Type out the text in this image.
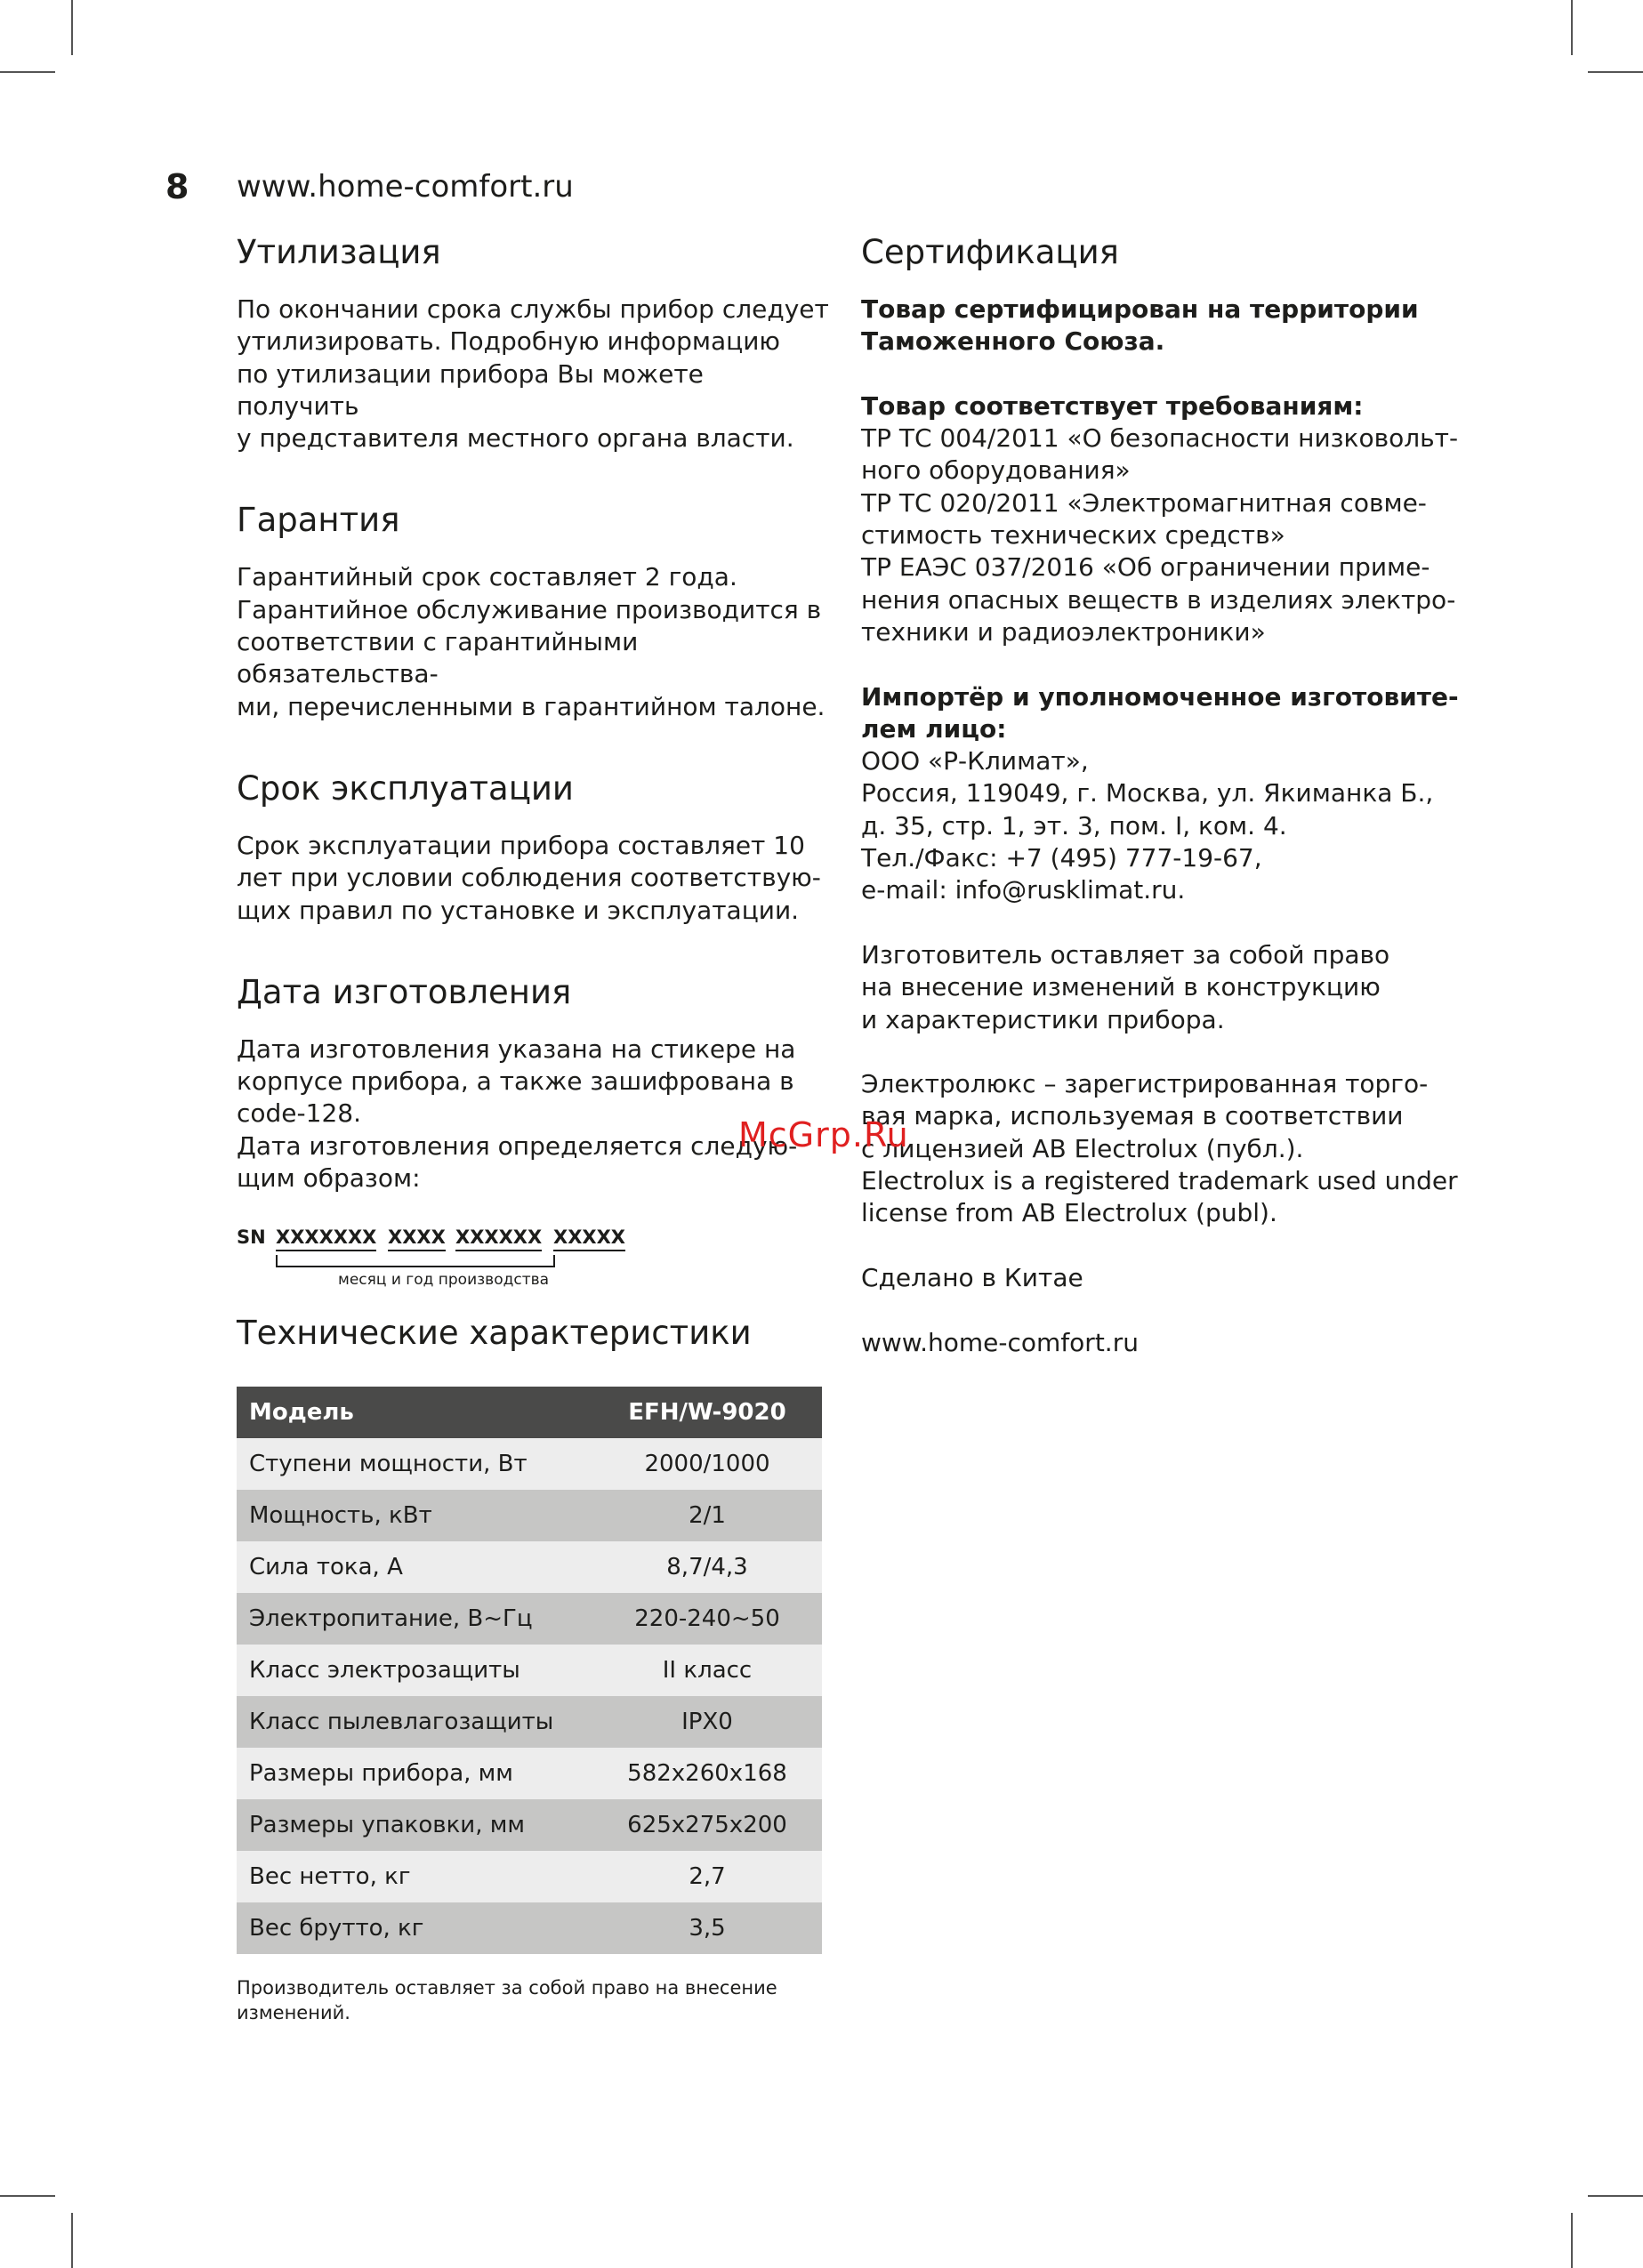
8 www.home-comfort.ru
Утилизация

По окончании срока службы прибор следует

утилизировать. Подробную информацию

по утилизации прибора Вы можете получить

у представителя местного органа власти.

Гарантия

Гарантийный срок составляет 2 года.

Гарантийное обслуживание производится в

соответствии с гарантийными обязательства-

ми, перечисленными в гарантийном талоне.

Срок эксплуатации

Срок эксплуатации прибора составляет 10

лет при условии соблюдения соответствую-

щих правил по установке и эксплуатации.

Дата изготовления

Дата изготовления указана на стикере на

корпусе прибора, а также зашифрована в

code-128.

Дата изготовления определяется следую-

щим образом:

SN XXXXXXX XXXX XXXXXX XXXXX
месяц и год производства
Технические характеристики
Модель	EFH/W-9020
Ступени мощности, Вт	2000/1000
Мощность, кВт	2/1
Сила тока, А	8,7/4,3
Электропитание, В~Гц	220-240~50
Класс электрозащиты	II класс
Класс пылевлагозащиты	IPX0
Размеры прибора, мм	582x260x168
Размеры упаковки, мм	625x275x200
Вес нетто, кг	2,7
Вес брутто, кг	3,5
Производитель оставляет за собой право на внесение
изменений.
Сертификация

Товар сертифицирован на территории

Таможенного Союза.

Товар соответствует требованиям:

ТР ТС 004/2011 «О безопасности низковольт-

ного оборудования»

ТР ТС 020/2011 «Электромагнитная совме-

стимость технических средств»

ТР ЕАЭС 037/2016 «Об ограничении приме-

нения опасных веществ в изделиях электро-

техники и радиоэлектроники»

Импортёр и уполномоченное изготовите-

лем лицо:

ООО «Р-Климат»,

Россия, 119049, г. Москва, ул. Якиманка Б.,

д. 35, стр. 1, эт. 3, пом. I, ком. 4.

Тел./Факс: +7 (495) 777-19-67,

e-mail: info@rusklimat.ru.

Изготовитель оставляет за собой право

на внесение изменений в конструкцию

и характеристики прибора.

Электролюкс – зарегистрированная торго-

вая марка, используемая в соответствии

с лицензией AB Electrolux (публ.).

Electrolux is a registered trademark used under

license from AB Electrolux (publ).

Сделано в Китае

www.home-comfort.ru

McGrp.Ru
